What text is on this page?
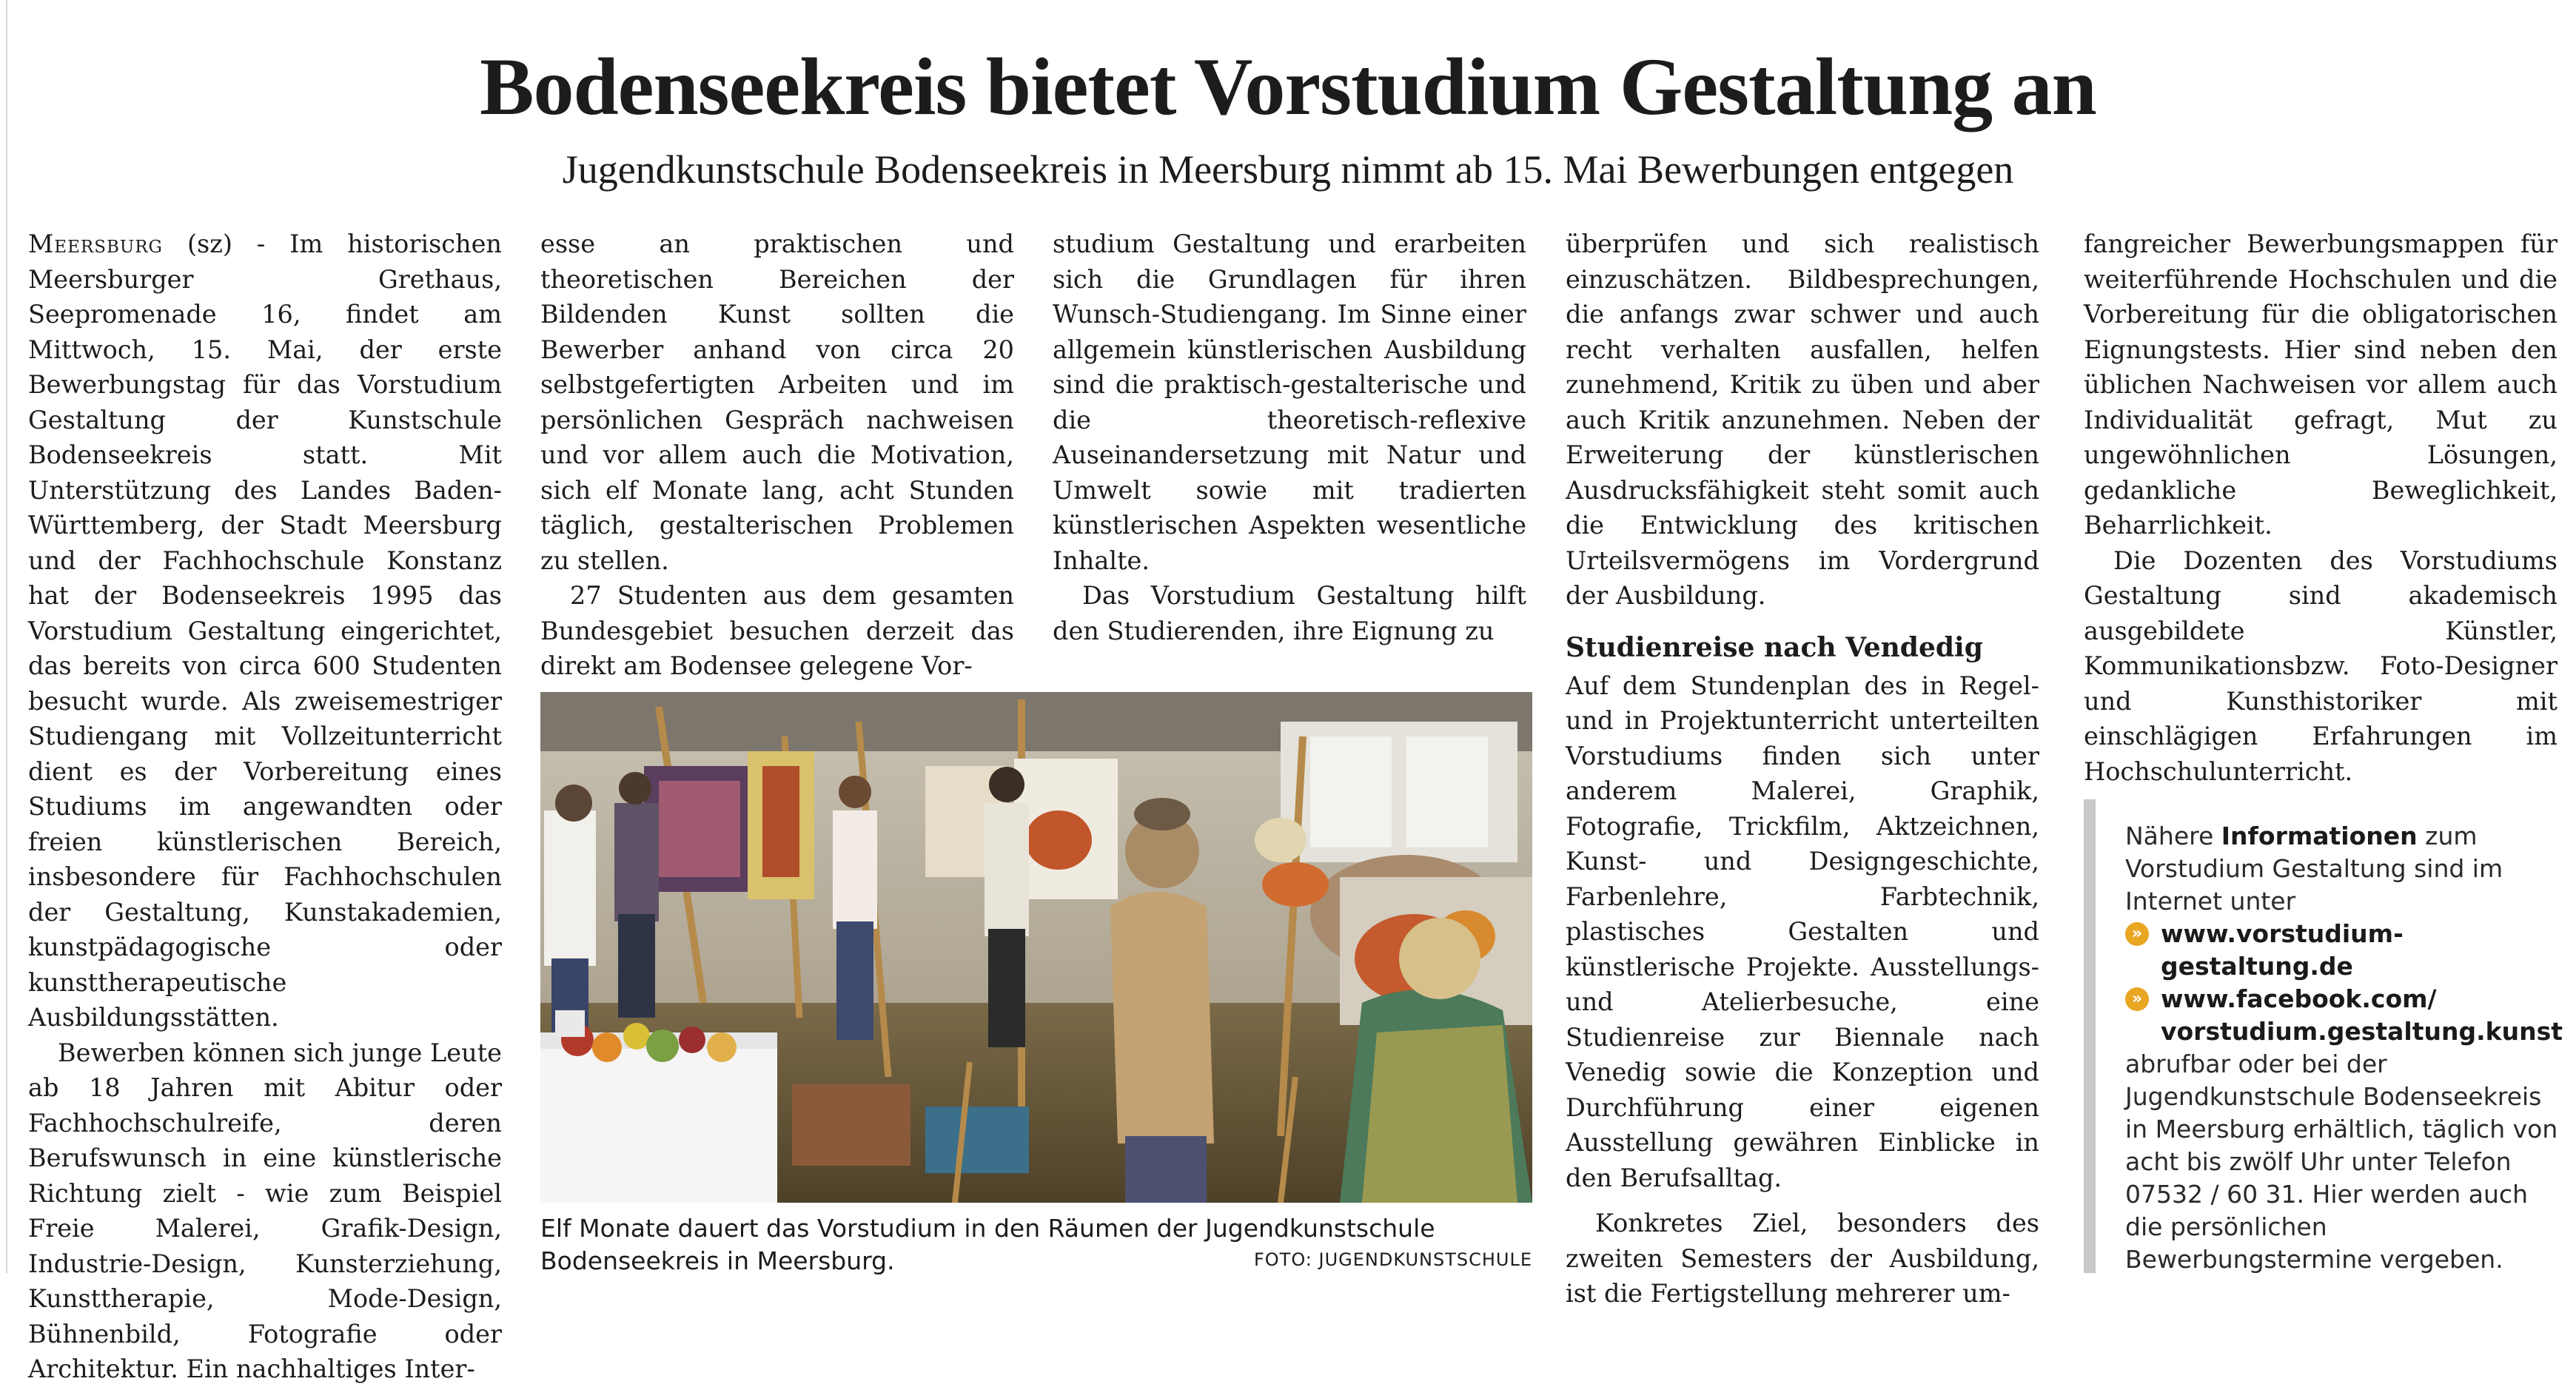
Bodenseekreis bietet Vorstudium Gestaltung an
Jugendkunstschule Bodenseekreis in Meersburg nimmt ab 15. Mai Bewerbungen entgegen

Meersburg (sz) - Im historischen Meersburger Grethaus, Seepromenade 16, findet am Mittwoch, 15. Mai, der erste Bewerbungstag für das Vorstudium Gestaltung der Kunstschule Bodenseekreis statt. Mit Unterstützung des Landes Baden-Württemberg, der Stadt Meersburg und der Fachhochschule Konstanz hat der Bodenseekreis 1995 das Vorstudium Gestaltung eingerichtet, das bereits von circa 600 Studenten besucht wurde. Als zweisemestriger Studiengang mit Vollzeitunterricht dient es der Vorbereitung eines Studiums im angewandten oder freien künstlerischen Bereich, insbesondere für Fachhochschulen der Gestaltung, Kunstakademien, kunstpädagogische oder kunsttherapeutische Ausbildungsstätten.

Bewerben können sich junge Leute ab 18 Jahren mit Abitur oder Fachhochschulreife, deren Berufswunsch in eine künstlerische Richtung zielt - wie zum Beispiel Freie Malerei, Grafik-Design, Industrie-Design, Kunsterziehung, Kunsttherapie, Mode-Design, Bühnenbild, Fotografie oder Architektur. Ein nachhaltiges Inter-

esse an praktischen und theoretischen Bereichen der Bildenden Kunst sollten die Bewerber anhand von circa 20 selbstgefertigten Arbeiten und im persönlichen Gespräch nachweisen und vor allem auch die Motivation, sich elf Monate lang, acht Stunden täglich, gestalterischen Problemen zu stellen.

27 Studenten aus dem gesamten Bundesgebiet besuchen derzeit das direkt am Bodensee gelegene Vor-

studium Gestaltung und erarbeiten sich die Grundlagen für ihren Wunsch-Studiengang. Im Sinne einer allgemein künstlerischen Ausbildung sind die praktisch-gestalterische und die theoretisch-reflexive Auseinandersetzung mit Natur und Umwelt sowie mit tradierten künstlerischen Aspekten wesentliche Inhalte.

Das Vorstudium Gestaltung hilft den Studierenden, ihre Eignung zu

überprüfen und sich realistisch einzuschätzen. Bildbesprechungen, die anfangs zwar schwer und auch recht verhalten ausfallen, helfen zunehmend, Kritik zu üben und aber auch Kritik anzunehmen. Neben der Erweiterung der künstlerischen Ausdrucksfähigkeit steht somit auch die Entwicklung des kritischen Urteilsvermögens im Vordergrund der Ausbildung.

Studienreise nach Vendedig

Auf dem Stundenplan des in Regel- und in Projektunterricht unterteilten Vorstudiums finden sich unter anderem Malerei, Graphik, Fotografie, Trickfilm, Aktzeichnen, Kunst- und Designgeschichte, Farbenlehre, Farbtechnik, plastisches Gestalten und künstlerische Projekte. Ausstellungs- und Atelierbesuche, eine Studienreise zur Biennale nach Venedig sowie die Konzeption und Durchführung einer eigenen Ausstellung gewähren Einblicke in den Berufsalltag.

Konkretes Ziel, besonders des zweiten Semesters der Ausbildung, ist die Fertigstellung mehrerer um-

fangreicher Bewerbungsmappen für weiterführende Hochschulen und die Vorbereitung für die obligatorischen Eignungstests. Hier sind neben den üblichen Nachweisen vor allem auch Individualität gefragt, Mut zu ungewöhnlichen Lösungen, gedankliche Beweglichkeit, Beharrlichkeit.

Die Dozenten des Vorstudiums Gestaltung sind akademisch ausgebildete Künstler, Kommunikationsbzw. Foto-Designer und Kunsthistoriker mit einschlägigen Erfahrungen im Hochschulunterricht.

Elf Monate dauert das Vorstudium in den Räumen der Jugendkunstschule Bodenseekreis in Meersburg.	FOTO: JUGENDKUNSTSCHULE
Nähere Informationen zum Vorstudium Gestaltung sind im Internet unter
» www.vorstudium-gestaltung.de
» www.facebook.com/ vorstudium.gestaltung.kunst
abrufbar oder bei der Jugendkunstschule Bodenseekreis in Meersburg erhältlich, täglich von acht bis zwölf Uhr unter Telefon 07532 / 60 31. Hier werden auch die persönlichen Bewerbungstermine vergeben.
